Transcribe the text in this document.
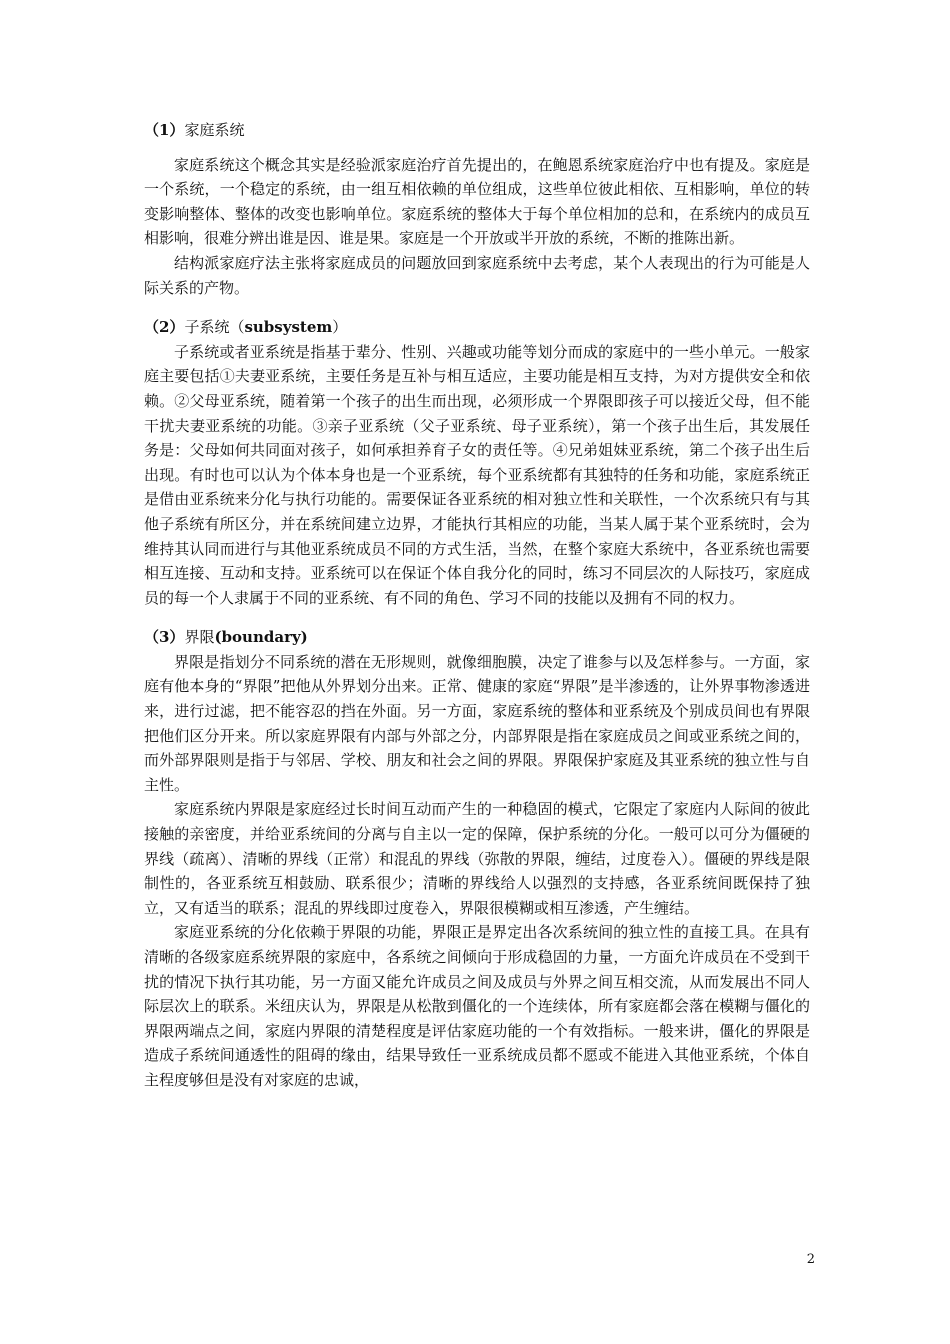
（1）家庭系统

家庭系统这个概念其实是经验派家庭治疗首先提出的，在鲍恩系统家庭治疗中也有提及。家庭是一个系统，一个稳定的系统，由一组互相依赖的单位组成，这些单位彼此相依、互相影响，单位的转变影响整体、整体的改变也影响单位。家庭系统的整体大于每个单位相加的总和，在系统内的成员互相影响，很难分辨出谁是因、谁是果。家庭是一个开放或半开放的系统，不断的推陈出新。

结构派家庭疗法主张将家庭成员的问题放回到家庭系统中去考虑，某个人表现出的行为可能是人际关系的产物。

（2）子系统（subsystem）

子系统或者亚系统是指基于辈分、性别、兴趣或功能等划分而成的家庭中的一些小单元。一般家庭主要包括①夫妻亚系统，主要任务是互补与相互适应，主要功能是相互支持，为对方提供安全和依赖。②父母亚系统，随着第一个孩子的出生而出现，必须形成一个界限即孩子可以接近父母，但不能干扰夫妻亚系统的功能。③亲子亚系统（父子亚系统、母子亚系统），第一个孩子出生后，其发展任务是：父母如何共同面对孩子，如何承担养育子女的责任等。④兄弟姐妹亚系统，第二个孩子出生后出现。有时也可以认为个体本身也是一个亚系统，每个亚系统都有其独特的任务和功能，家庭系统正是借由亚系统来分化与执行功能的。需要保证各亚系统的相对独立性和关联性，一个次系统只有与其他子系统有所区分，并在系统间建立边界，才能执行其相应的功能，当某人属于某个亚系统时，会为维持其认同而进行与其他亚系统成员不同的方式生活，当然，在整个家庭大系统中，各亚系统也需要相互连接、互动和支持。亚系统可以在保证个体自我分化的同时，练习不同层次的人际技巧，家庭成员的每一个人隶属于不同的亚系统、有不同的角色、学习不同的技能以及拥有不同的权力。

（3）界限(boundary)

界限是指划分不同系统的潜在无形规则，就像细胞膜，决定了谁参与以及怎样参与。一方面，家庭有他本身的“界限”把他从外界划分出来。正常、健康的家庭“界限”是半渗透的，让外界事物渗透进来，进行过滤，把不能容忍的挡在外面。另一方面，家庭系统的整体和亚系统及个别成员间也有界限把他们区分开来。所以家庭界限有内部与外部之分，内部界限是指在家庭成员之间或亚系统之间的，而外部界限则是指于与邻居、学校、朋友和社会之间的界限。界限保护家庭及其亚系统的独立性与自主性。

家庭系统内界限是家庭经过长时间互动而产生的一种稳固的模式，它限定了家庭内人际间的彼此接触的亲密度，并给亚系统间的分离与自主以一定的保障，保护系统的分化。一般可以可分为僵硬的界线（疏离）、清晰的界线（正常）和混乱的界线（弥散的界限，缠结，过度卷入）。僵硬的界线是限制性的，各亚系统互相鼓励、联系很少；清晰的界线给人以强烈的支持感，各亚系统间既保持了独立，又有适当的联系；混乱的界线即过度卷入，界限很模糊或相互渗透，产生缠结。

家庭亚系统的分化依赖于界限的功能，界限正是界定出各次系统间的独立性的直接工具。在具有清晰的各级家庭系统界限的家庭中，各系统之间倾向于形成稳固的力量，一方面允许成员在不受到干扰的情况下执行其功能，另一方面又能允许成员之间及成员与外界之间互相交流，从而发展出不同人际层次上的联系。米纽庆认为，界限是从松散到僵化的一个连续体，所有家庭都会落在模糊与僵化的界限两端点之间，家庭内界限的清楚程度是评估家庭功能的一个有效指标。一般来讲，僵化的界限是造成子系统间通透性的阻碍的缘由，结果导致任一亚系统成员都不愿或不能进入其他亚系统，个体自主程度够但是没有对家庭的忠诚，

2
